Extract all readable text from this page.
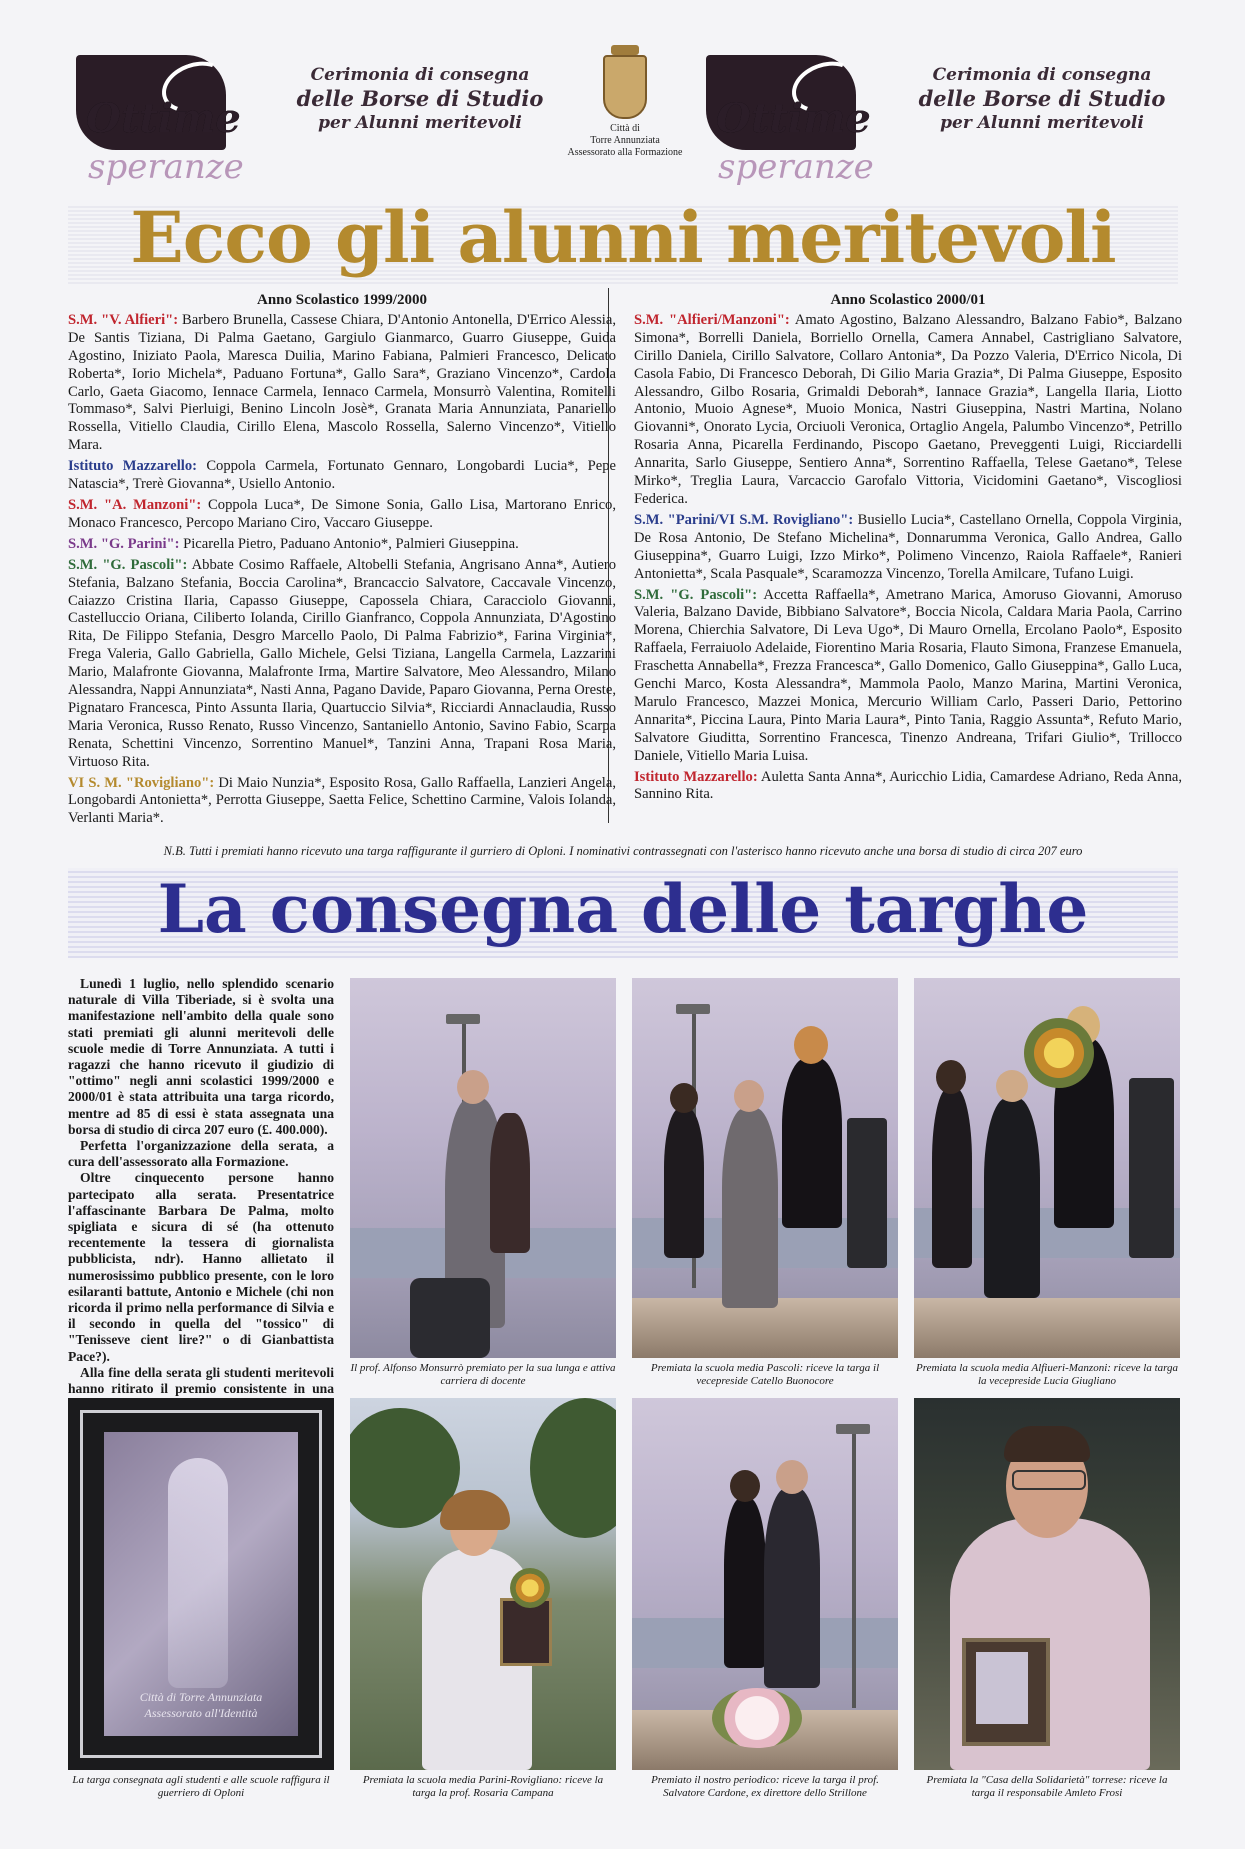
Ottime
speranze
Cerimonia di consegna
delle Borse di Studio
per Alunni meritevoli	Città di
Torre Annunziata
Assessorato alla Formazione
Ottime
speranze
Cerimonia di consegna
delle Borse di Studio
per Alunni meritevoli
Ecco gli alunni meritevoli
Anno Scolastico 1999/2000

S.M. "V. Alfieri": Barbero Brunella, Cassese Chiara, D'Antonio Antonella, D'Errico Alessia, De Santis Tiziana, Di Palma Gaetano, Gargiulo Gianmarco, Guarro Giuseppe, Guida Agostino, Iniziato Paola, Maresca Duilia, Marino Fabiana, Palmieri Francesco, Delicato Roberta*, Iorio Michela*, Paduano Fortuna*, Gallo Sara*, Graziano Vincenzo*, Cardola Carlo, Gaeta Giacomo, Iennace Carmela, Iennaco Carmela, Monsurrò Valentina, Romitelli Tommaso*, Salvi Pierluigi, Benino Lincoln Josè*, Granata Maria Annunziata, Panariello Rossella, Vitiello Claudia, Cirillo Elena, Mascolo Rossella, Salerno Vincenzo*, Vitiello Mara.

Istituto Mazzarello: Coppola Carmela, Fortunato Gennaro, Longobardi Lucia*, Pepe Natascia*, Trerè Giovanna*, Usiello Antonio.

S.M. "A. Manzoni": Coppola Luca*, De Simone Sonia, Gallo Lisa, Martorano Enrico, Monaco Francesco, Percopo Mariano Ciro, Vaccaro Giuseppe.

S.M. "G. Parini": Picarella Pietro, Paduano Antonio*, Palmieri Giuseppina.

S.M. "G. Pascoli": Abbate Cosimo Raffaele, Altobelli Stefania, Angrisano Anna*, Autiero Stefania, Balzano Stefania, Boccia Carolina*, Brancaccio Salvatore, Caccavale Vincenzo, Caiazzo Cristina Ilaria, Capasso Giuseppe, Capossela Chiara, Caracciolo Giovanni, Castelluccio Oriana, Ciliberto Iolanda, Cirillo Gianfranco, Coppola Annunziata, D'Agostino Rita, De Filippo Stefania, Desgro Marcello Paolo, Di Palma Fabrizio*, Farina Virginia*, Frega Valeria, Gallo Gabriella, Gallo Michele, Gelsi Tiziana, Langella Carmela, Lazzarini Mario, Malafronte Giovanna, Malafronte Irma, Martire Salvatore, Meo Alessandro, Milano Alessandra, Nappi Annunziata*, Nasti Anna, Pagano Davide, Paparo Giovanna, Perna Oreste, Pignataro Francesca, Pinto Assunta Ilaria, Quartuccio Silvia*, Ricciardi Annaclaudia, Russo Maria Veronica, Russo Renato, Russo Vincenzo, Santaniello Antonio, Savino Fabio, Scarpa Renata, Schettini Vincenzo, Sorrentino Manuel*, Tanzini Anna, Trapani Rosa Maria, Virtuoso Rita.

VI S. M. "Rovigliano": Di Maio Nunzia*, Esposito Rosa, Gallo Raffaella, Lanzieri Angela, Longobardi Antonietta*, Perrotta Giuseppe, Saetta Felice, Schettino Carmine, Valois Iolanda, Verlanti Maria*.

Anno Scolastico 2000/01

S.M. "Alfieri/Manzoni": Amato Agostino, Balzano Alessandro, Balzano Fabio*, Balzano Simona*, Borrelli Daniela, Borriello Ornella, Camera Annabel, Castrigliano Salvatore, Cirillo Daniela, Cirillo Salvatore, Collaro Antonia*, Da Pozzo Valeria, D'Errico Nicola, Di Casola Fabio, Di Francesco Deborah, Di Gilio Maria Grazia*, Di Palma Giuseppe, Esposito Alessandro, Gilbo Rosaria, Grimaldi Deborah*, Iannace Grazia*, Langella Ilaria, Liotto Antonio, Muoio Agnese*, Muoio Monica, Nastri Giuseppina, Nastri Martina, Nolano Giovanni*, Onorato Lycia, Orciuoli Veronica, Ortaglio Angela, Palumbo Vincenzo*, Petrillo Rosaria Anna, Picarella Ferdinando, Piscopo Gaetano, Preveggenti Luigi, Ricciardelli Annarita, Sarlo Giuseppe, Sentiero Anna*, Sorrentino Raffaella, Telese Gaetano*, Telese Mirko*, Treglia Laura, Varcaccio Garofalo Vittoria, Vicidomini Gaetano*, Viscogliosi Federica.

S.M. "Parini/VI S.M. Rovigliano": Busiello Lucia*, Castellano Ornella, Coppola Virginia, De Rosa Antonio, De Stefano Michelina*, Donnarumma Veronica, Gallo Andrea, Gallo Giuseppina*, Guarro Luigi, Izzo Mirko*, Polimeno Vincenzo, Raiola Raffaele*, Ranieri Antonietta*, Scala Pasquale*, Scaramozza Vincenzo, Torella Amilcare, Tufano Luigi.

S.M. "G. Pascoli": Accetta Raffaella*, Ametrano Marica, Amoruso Giovanni, Amoruso Valeria, Balzano Davide, Bibbiano Salvatore*, Boccia Nicola, Caldara Maria Paola, Carrino Morena, Chierchia Salvatore, Di Leva Ugo*, Di Mauro Ornella, Ercolano Paolo*, Esposito Raffaela, Ferraiuolo Adelaide, Fiorentino Maria Rosaria, Flauto Simona, Franzese Emanuela, Fraschetta Annabella*, Frezza Francesca*, Gallo Domenico, Gallo Giuseppina*, Gallo Luca, Genchi Marco, Kosta Alessandra*, Mammola Paolo, Manzo Marina, Martini Veronica, Marulo Francesco, Mazzei Monica, Mercurio William Carlo, Passeri Dario, Pettorino Annarita*, Piccina Laura, Pinto Maria Laura*, Pinto Tania, Raggio Assunta*, Refuto Mario, Salvatore Giuditta, Sorrentino Francesca, Tinenzo Andreana, Trifari Giulio*, Trillocco Daniele, Vitiello Maria Luisa.

Istituto Mazzarello: Auletta Santa Anna*, Auricchio Lidia, Camardese Adriano, Reda Anna, Sannino Rita.

N.B. Tutti i premiati hanno ricevuto una targa raffigurante il gurriero di Oploni. I nominativi contrassegnati con l'asterisco hanno ricevuto anche una borsa di studio di circa 207 euro
La consegna delle targhe

Lunedì 1 luglio, nello splendido scenario naturale di Villa Tiberiade, si è svolta una manifestazione nell'ambito della quale sono stati premiati gli alunni meritevoli delle scuole medie di Torre Annunziata. A tutti i ragazzi che hanno ricevuto il giudizio di "ottimo" negli anni scolastici 1999/2000 e 2000/01 è stata attribuita una targa ricordo, mentre ad 85 di essi è stata assegnata una borsa di studio di circa 207 euro (£. 400.000).

Perfetta l'organizzazione della serata, a cura dell'assessorato alla Formazione.

Oltre cinquecento persone hanno partecipato alla serata. Presentatrice l'affascinante Barbara De Palma, molto spigliata e sicura di sé (ha ottenuto recentemente la tessera di giornalista pubblicista, ndr). Hanno allietato il numerosissimo pubblico presente, con le loro esilaranti battute, Antonio e Michele (chi non ricorda il primo nella performance di Silvia e il secondo in quella del "tossico" di "Tenisseve cient lire?" o di Gianbattista Pace?).

Alla fine della serata gli studenti meritevoli hanno ritirato il premio consistente in una

Il prof. Alfonso Monsurrò premiato per la sua lunga e attiva carriera di docente
Premiata la scuola media Pascoli: riceve la targa il vecepreside Catello Buonocore
Premiata la scuola media Alfiueri-Manzoni: riceve la targa la vecepreside Lucia Giugliano
Città di Torre Annunziata
Assessorato all'Identità
La targa consegnata agli studenti e alle scuole raffigura il guerriero di Oploni
Premiata la scuola media Parini-Rovigliano: riceve la targa la prof. Rosaria Campana
Premiato il nostro periodico: riceve la targa il prof. Salvatore Cardone, ex direttore dello Strillone
Premiata la "Casa della Solidarietà" torrese: riceve la targa il responsabile Amleto Frosi
